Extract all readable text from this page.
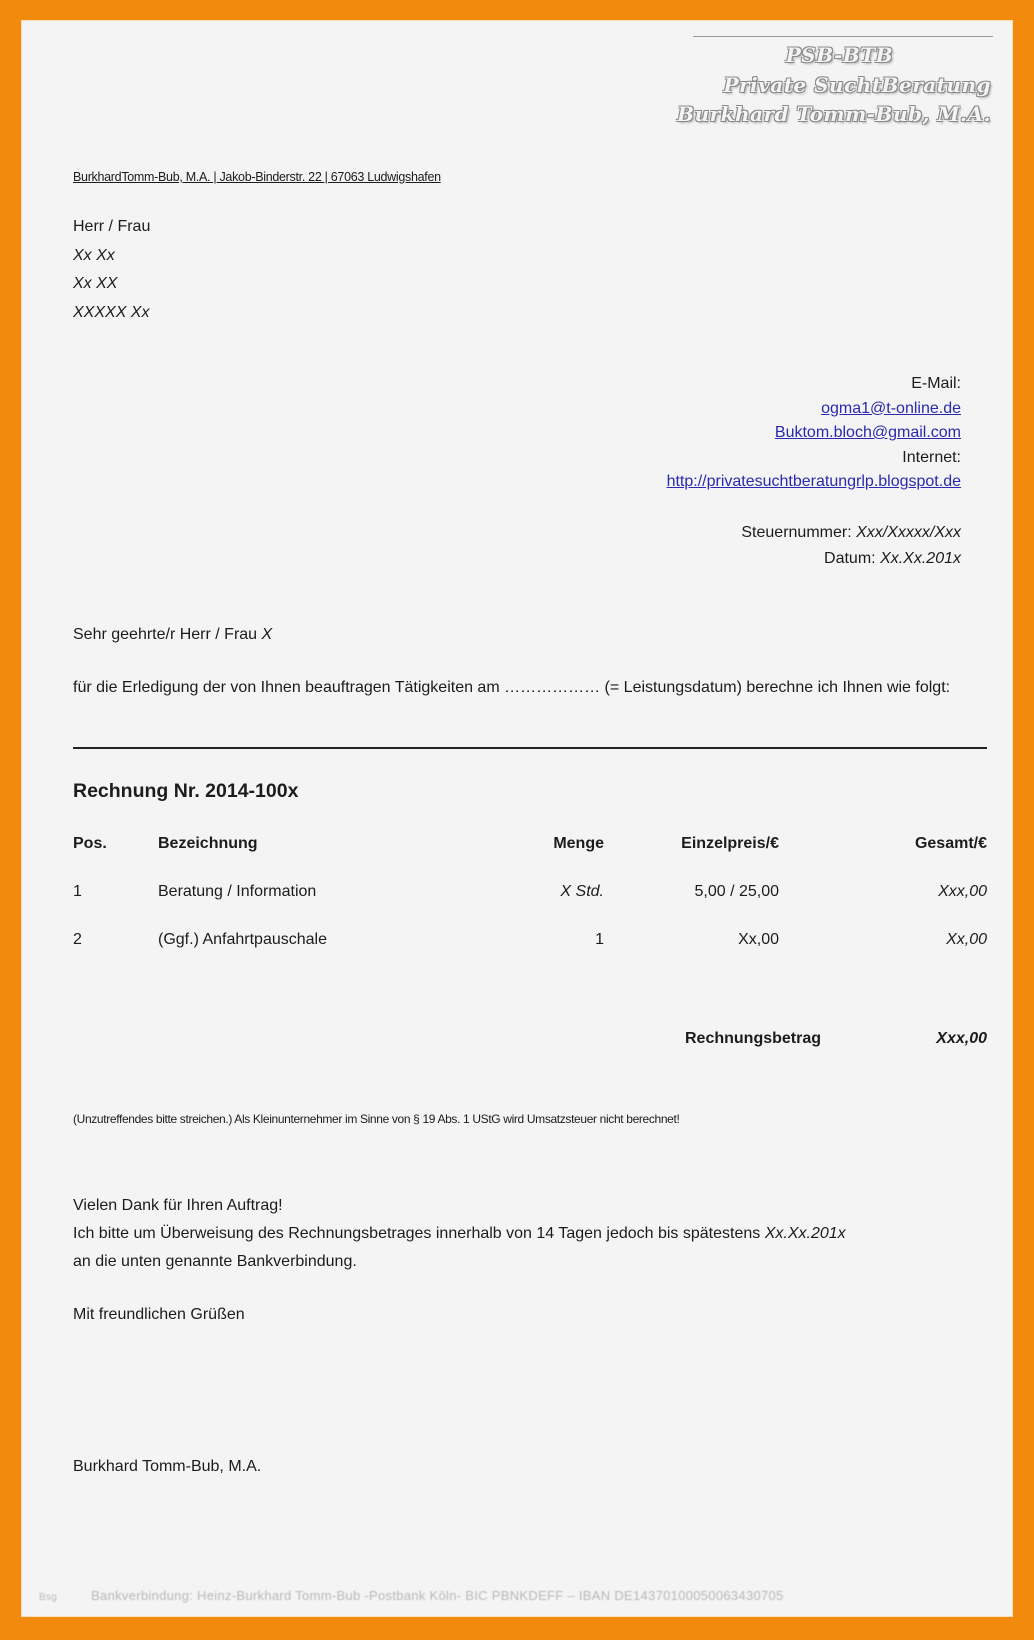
PSB-BTB
Private SuchtBeratung
Burkhard Tomm-Bub, M.A.
BurkhardTomm-Bub, M.A. | Jakob-Binderstr. 22 | 67063 Ludwigshafen
Herr / Frau
Xx Xx
Xx XX
XXXXX Xx
E-Mail:
ogma1@t-online.de
Buktom.bloch@gmail.com
Internet:
http://privatesuchtberatungrlp.blogspot.de
Steuernummer: Xxx/Xxxxx/Xxx
Datum: Xx.Xx.201x
Sehr geehrte/r Herr / Frau X
für die Erledigung der von Ihnen beauftragen Tätigkeiten am ……………… (= Leistungsdatum) berechne ich Ihnen wie folgt:
Rechnung Nr. 2014-100x
Pos.	Bezeichnung	Menge	Einzelpreis/€	Gesamt/€
1	Beratung / Information	X Std.	5,00 / 25,00	Xxx,00
2	(Ggf.) Anfahrtpauschale	1	Xx,00	Xx,00
Rechnungsbetrag	Xxx,00
(Unzutreffendes bitte streichen.) Als Kleinunternehmer im Sinne von § 19 Abs. 1 UStG wird Umsatzsteuer nicht berechnet!
Vielen Dank für Ihren Auftrag!
Ich bitte um Überweisung des Rechnungsbetrages innerhalb von 14 Tagen jedoch bis spätestens Xx.Xx.201x
an die unten genannte Bankverbindung.
Mit freundlichen Grüßen
Burkhard Tomm-Bub, M.A.
Bsg	Bankverbindung: Heinz-Burkhard Tomm-Bub -Postbank Köln- BIC PBNKDEFF – IBAN DE14370100050063430705
